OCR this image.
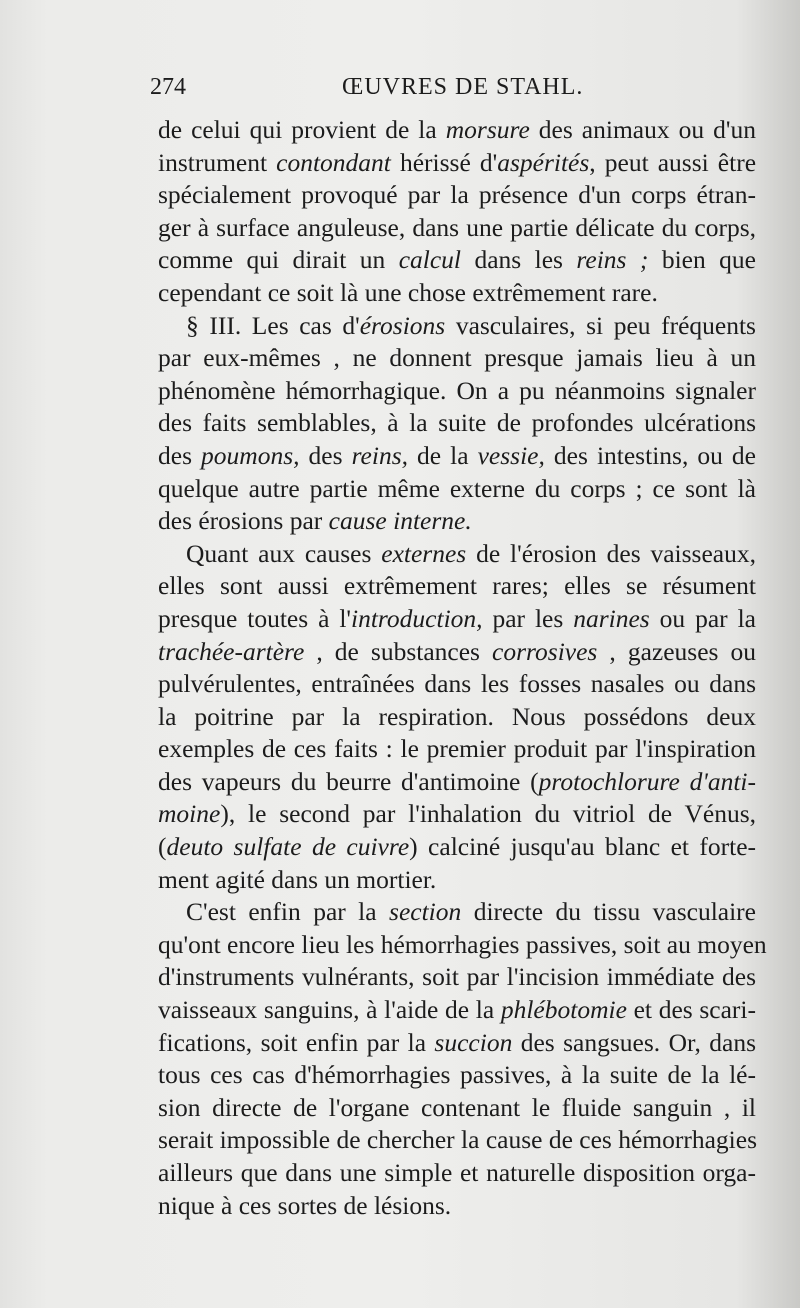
274	ŒUVRES DE STAHL.
de celui qui provient de la morsure des animaux ou d'un
instrument contondant hérissé d'aspérités, peut aussi être
spécialement provoqué par la présence d'un corps étran-
ger à surface anguleuse, dans une partie délicate du corps,
comme qui dirait un calcul dans les reins ; bien que
cependant ce soit là une chose extrêmement rare.
§ III. Les cas d'érosions vasculaires, si peu fréquents
par eux-mêmes , ne donnent presque jamais lieu à un
phénomène hémorrhagique. On a pu néanmoins signaler
des faits semblables, à la suite de profondes ulcérations
des poumons, des reins, de la vessie, des intestins, ou de
quelque autre partie même externe du corps ; ce sont là
des érosions par cause interne.
Quant aux causes externes de l'érosion des vaisseaux,
elles sont aussi extrêmement rares; elles se résument
presque toutes à l'introduction, par les narines ou par la
trachée-artère , de substances corrosives , gazeuses ou
pulvérulentes, entraînées dans les fosses nasales ou dans
la poitrine par la respiration. Nous possédons deux
exemples de ces faits : le premier produit par l'inspiration
des vapeurs du beurre d'antimoine (protochlorure d'anti-
moine), le second par l'inhalation du vitriol de Vénus,
(deuto sulfate de cuivre) calciné jusqu'au blanc et forte-
ment agité dans un mortier.
C'est enfin par la section directe du tissu vasculaire
qu'ont encore lieu les hémorrhagies passives, soit au moyen
d'instruments vulnérants, soit par l'incision immédiate des
vaisseaux sanguins, à l'aide de la phlébotomie et des scari-
fications, soit enfin par la succion des sangsues. Or, dans
tous ces cas d'hémorrhagies passives, à la suite de la lé-
sion directe de l'organe contenant le fluide sanguin , il
serait impossible de chercher la cause de ces hémorrhagies
ailleurs que dans une simple et naturelle disposition orga-
nique à ces sortes de lésions.
